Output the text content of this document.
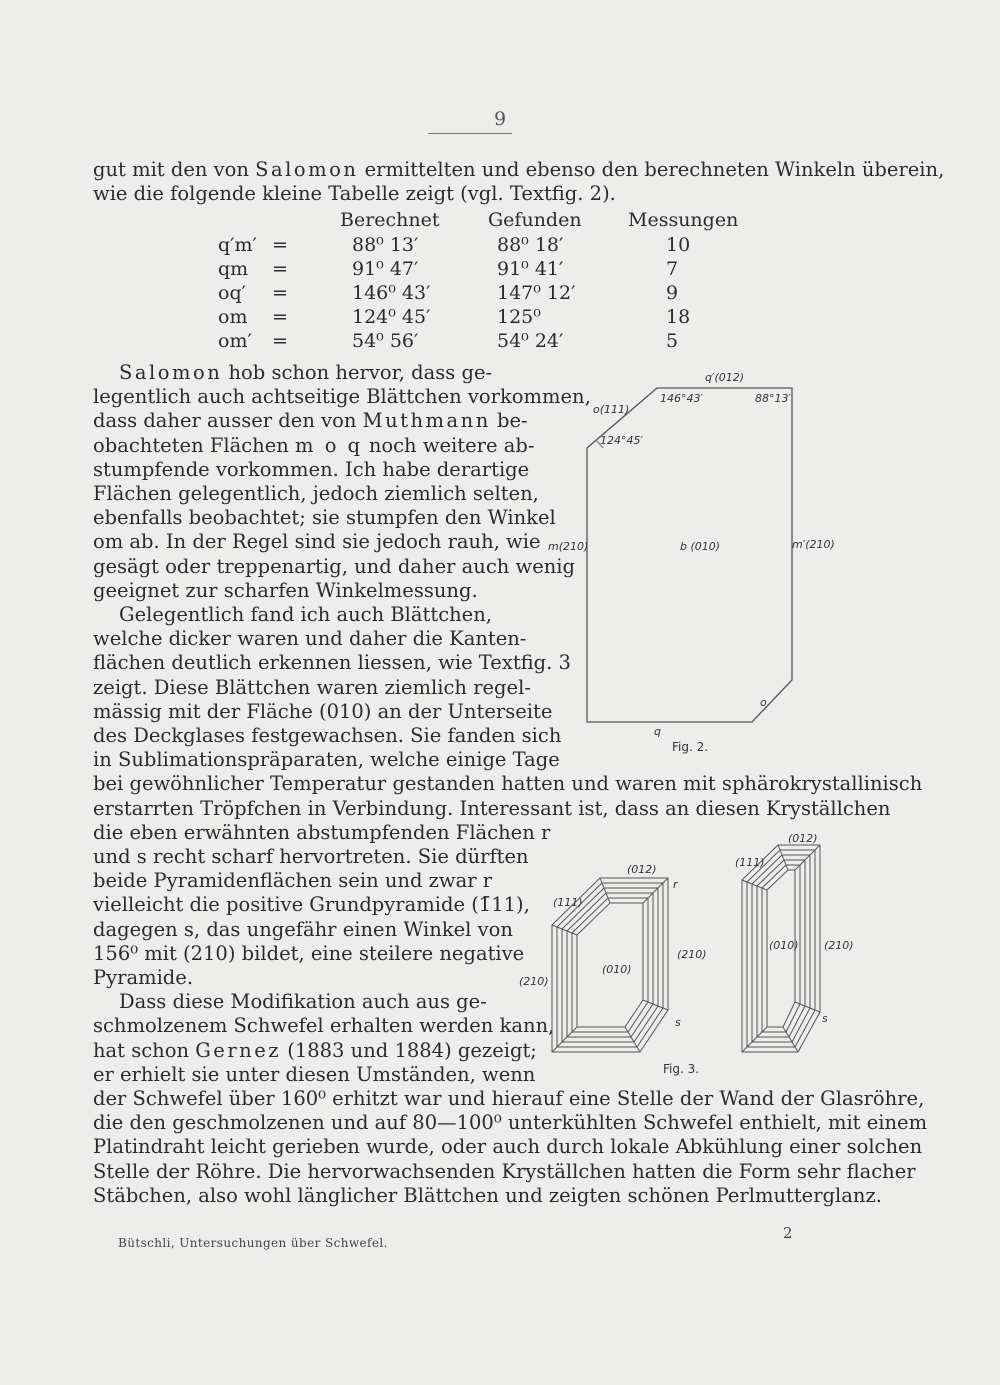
9
gut mit den von Salomon ermittelten und ebenso den berechneten Winkeln überein,
wie die folgende kleine Tabelle zeigt (vgl. Textfig. 2).
Berechnet	Gefunden Messungen
q′m′ =	88⁰ 13′	88⁰ 18′	10
qm =	91⁰ 47′	91⁰ 41′	7
oq′ =	146⁰ 43′	147⁰ 12′	9
om =	124⁰ 45′	125⁰	18
om′ =	54⁰ 56′	54⁰ 24′	5
Salomon hob schon hervor, dass ge-
legentlich auch achtseitige Blättchen vorkommen,
dass daher ausser den von Muthmann be-
obachteten Flächen m o q noch weitere ab-
stumpfende vorkommen. Ich habe derartige
Flächen gelegentlich, jedoch ziemlich selten,
ebenfalls beobachtet; sie stumpfen den Winkel
om ab. In der Regel sind sie jedoch rauh, wie
gesägt oder treppenartig, und daher auch wenig
geeignet zur scharfen Winkelmessung.
Gelegentlich fand ich auch Blättchen,
welche dicker waren und daher die Kanten-
flächen deutlich erkennen liessen, wie Textfig. 3
zeigt. Diese Blättchen waren ziemlich regel-
mässig mit der Fläche (010) an der Unterseite
des Deckglases festgewachsen. Sie fanden sich
in Sublimationspräparaten, welche einige Tage
bei gewöhnlicher Temperatur gestanden hatten und waren mit sphärokrystallinisch
erstarrten Tröpfchen in Verbindung. Interessant ist, dass an diesen Kryställchen
die eben erwähnten abstumpfenden Flächen r
und s recht scharf hervortreten. Sie dürften
beide Pyramidenflächen sein und zwar r
vielleicht die positive Grundpyramide (1̄11),
dagegen s, das ungefähr einen Winkel von
156⁰ mit (210) bildet, eine steilere negative
Pyramide.
Dass diese Modifikation auch aus ge-
schmolzenem Schwefel erhalten werden kann,
hat schon Gernez (1883 und 1884) gezeigt;
er erhielt sie unter diesen Umständen, wenn
der Schwefel über 160⁰ erhitzt war und hierauf eine Stelle der Wand der Glasröhre,
die den geschmolzenen und auf 80—100⁰ unterkühlten Schwefel enthielt, mit einem
Platindraht leicht gerieben wurde, oder auch durch lokale Abkühlung einer solchen
Stelle der Röhre. Die hervorwachsenden Kryställchen hatten die Form sehr flacher
Stäbchen, also wohl länglicher Blättchen und zeigten schönen Perlmutterglanz.
q′(012)
o(111)
146°43′	88°13′
124°45′
m(210)	b (010)	m′(210)
o
q
Fig. 2.
(012)
r
(111)
(210)
(010)
(210)
s
(012)
(111)
(010) (210)
s
Fig. 3.
Bütschli, Untersuchungen über Schwefel.
2
